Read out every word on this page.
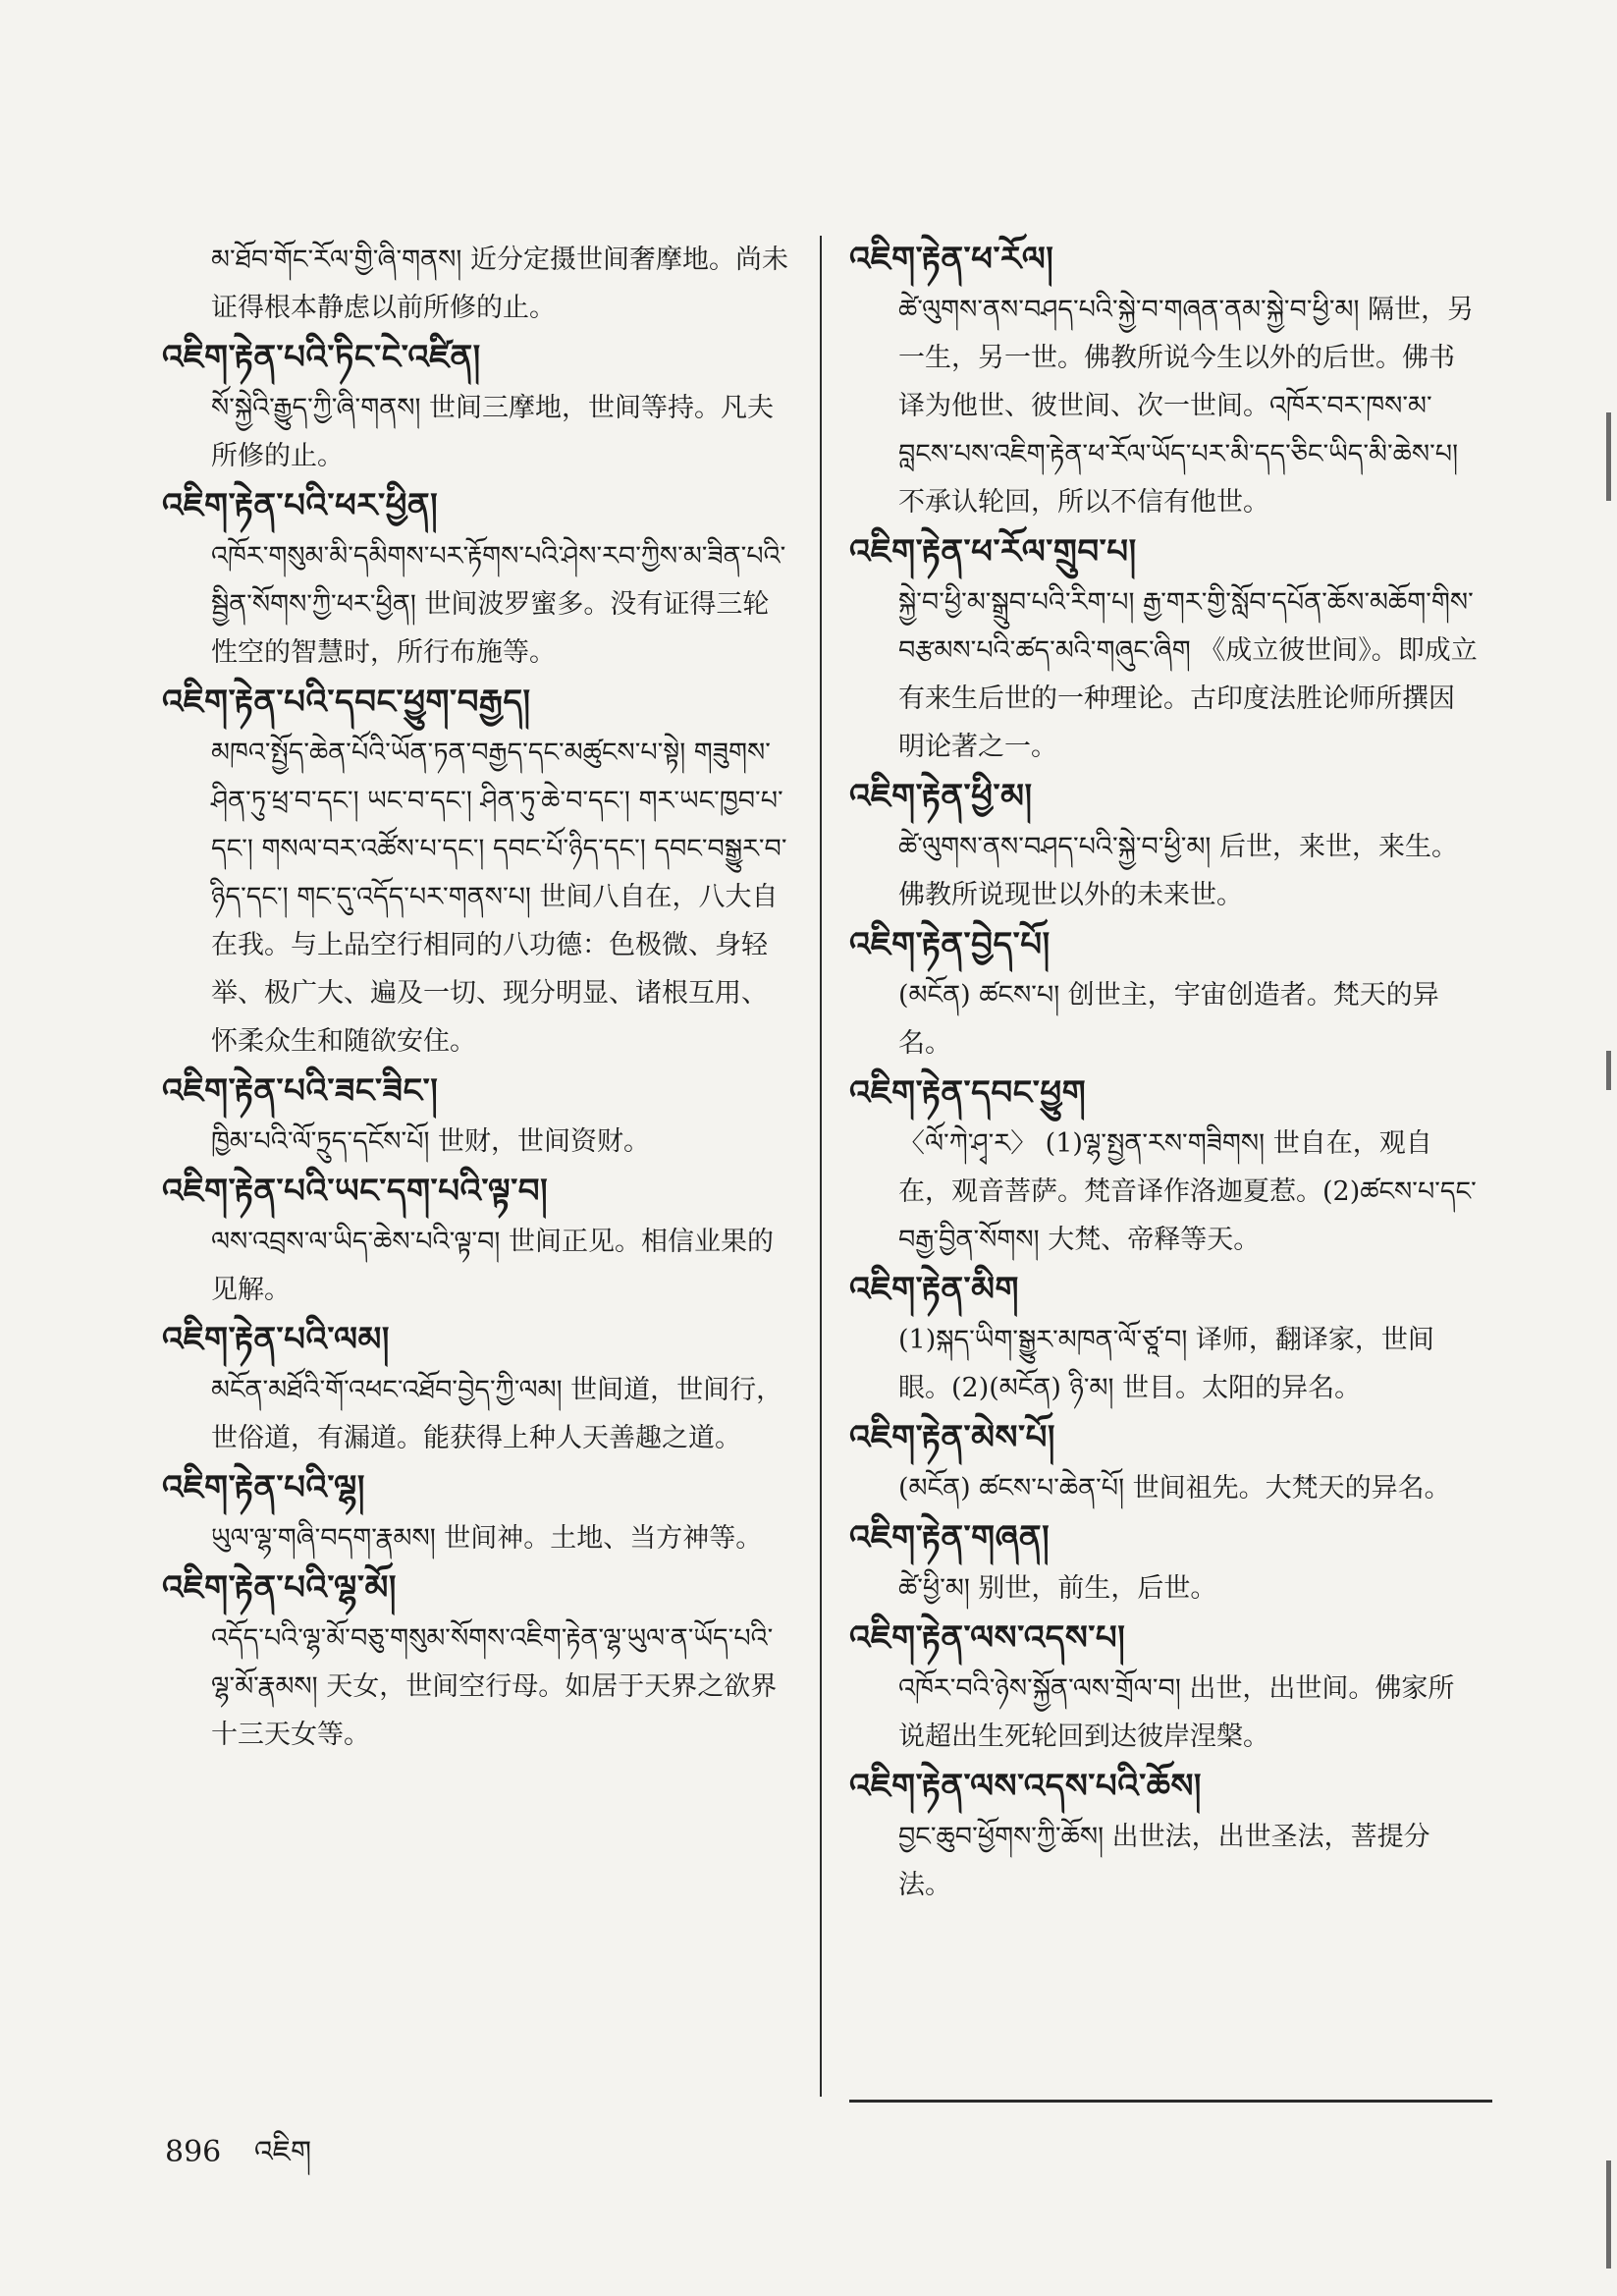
མ་ཐོབ་གོང་རོལ་གྱི་ཞི་གནས། 近分定摄世间奢摩地。尚未证得根本静虑以前所修的止。
འཇིག་རྟེན་པའི་ཏིང་ངེ་འཛིན།
སོ་སྐྱེའི་རྒྱུད་ཀྱི་ཞི་གནས། 世间三摩地，世间等持。凡夫所修的止。
འཇིག་རྟེན་པའི་ཕར་ཕྱིན།
འཁོར་གསུམ་མི་དམིགས་པར་རྟོགས་པའི་ཤེས་རབ་ཀྱིས་མ་ཟིན་པའི་སྦྱིན་སོགས་ཀྱི་ཕར་ཕྱིན། 世间波罗蜜多。没有证得三轮性空的智慧时，所行布施等。
འཇིག་རྟེན་པའི་དབང་ཕྱུག་བརྒྱད།
མཁའ་སྤྱོད་ཆེན་པོའི་ཡོན་ཏན་བརྒྱད་དང་མཚུངས་པ་སྟེ། གཟུགས་ཤིན་ཏུ་ཕྲ་བ་དང་། ཡང་བ་དང་། ཤིན་ཏུ་ཆེ་བ་དང་། གར་ཡང་ཁྱབ་པ་དང་། གསལ་བར་འཚོས་པ་དང་། དབང་པོ་ཉིད་དང་། དབང་བསྒྱུར་བ་ཉིད་དང་། གང་དུ་འདོད་པར་གནས་པ། 世间八自在，八大自在我。与上品空行相同的八功德：色极微、身轻举、极广大、遍及一切、现分明显、诸根互用、怀柔众生和随欲安住。
འཇིག་རྟེན་པའི་ཟང་ཟིང་།
ཁྱིམ་པའི་ལོ་ཏྲུད་དངོས་པོ། 世财，世间资财。
འཇིག་རྟེན་པའི་ཡང་དག་པའི་ལྟ་བ།
ལས་འབྲས་ལ་ཡིད་ཆེས་པའི་ལྟ་བ། 世间正见。相信业果的见解。
འཇིག་རྟེན་པའི་ལམ།
མངོན་མཐོའི་གོ་འཕང་འཐོབ་བྱེད་ཀྱི་ལམ། 世间道，世间行，世俗道，有漏道。能获得上种人天善趣之道。
འཇིག་རྟེན་པའི་ལྷ།
ཡུལ་ལྷ་གཞི་བདག་རྣམས། 世间神。土地、当方神等。
འཇིག་རྟེན་པའི་ལྷ་མོ།
འདོད་པའི་ལྷ་མོ་བཅུ་གསུམ་སོགས་འཇིག་རྟེན་ལྷ་ཡུལ་ན་ཡོད་པའི་ལྷ་མོ་རྣམས། 天女，世间空行母。如居于天界之欲界十三天女等。
འཇིག་རྟེན་ཕ་རོལ།
ཚེ་ལུགས་ནས་བཤད་པའི་སྐྱེ་བ་གཞན་ནམ་སྐྱེ་བ་ཕྱི་མ། 隔世，另一生，另一世。佛教所说今生以外的后世。佛书译为他世、彼世间、次一世间。འཁོར་བར་ཁས་མ་བླངས་པས་འཇིག་རྟེན་ཕ་རོལ་ཡོད་པར་མི་དད་ཅིང་ཡིད་མི་ཆེས་པ། 不承认轮回，所以不信有他世。
འཇིག་རྟེན་ཕ་རོལ་གྲུབ་པ།
སྐྱེ་བ་ཕྱི་མ་སྒྲུབ་པའི་རིག་པ། རྒྱ་གར་གྱི་སློབ་དཔོན་ཆོས་མཆོག་གིས་བརྩམས་པའི་ཚད་མའི་གཞུང་ཞིག 《成立彼世间》。即成立有来生后世的一种理论。古印度法胜论师所撰因明论著之一。
འཇིག་རྟེན་ཕྱི་མ།
ཚེ་ལུགས་ནས་བཤད་པའི་སྐྱེ་བ་ཕྱི་མ། 后世，来世，来生。佛教所说现世以外的未来世。
འཇིག་རྟེན་བྱེད་པོ།
(མངོན) ཚངས་པ། 创世主，宇宙创造者。梵天的异名。
འཇིག་རྟེན་དབང་ཕྱུག
〈ལོ་ཀེ་ཤྭ་ར〉 (1)ལྷ་སྤྱན་རས་གཟིགས། 世自在，观自在，观音菩萨。梵音译作洛迦夏惹。(2)ཚངས་པ་དང་བརྒྱ་བྱིན་སོགས། 大梵、帝释等天。
འཇིག་རྟེན་མིག
(1)སྐད་ཡིག་སྒྱུར་མཁན་ལོ་ཙཱ་བ། 译师，翻译家，世间眼。(2)(མངོན) ཉི་མ། 世目。太阳的异名。
འཇིག་རྟེན་མེས་པོ།
(མངོན) ཚངས་པ་ཆེན་པོ། 世间祖先。大梵天的异名。
འཇིག་རྟེན་གཞན།
ཚེ་ཕྱི་མ། 别世，前生，后世。
འཇིག་རྟེན་ལས་འདས་པ།
འཁོར་བའི་ཉེས་སྐྱོན་ལས་གྲོལ་བ། 出世，出世间。佛家所说超出生死轮回到达彼岸涅槃。
འཇིག་རྟེན་ལས་འདས་པའི་ཆོས།
བྱང་ཆུབ་ཕྱོགས་ཀྱི་ཆོས། 出世法，出世圣法，菩提分法。
896 འཇིག
